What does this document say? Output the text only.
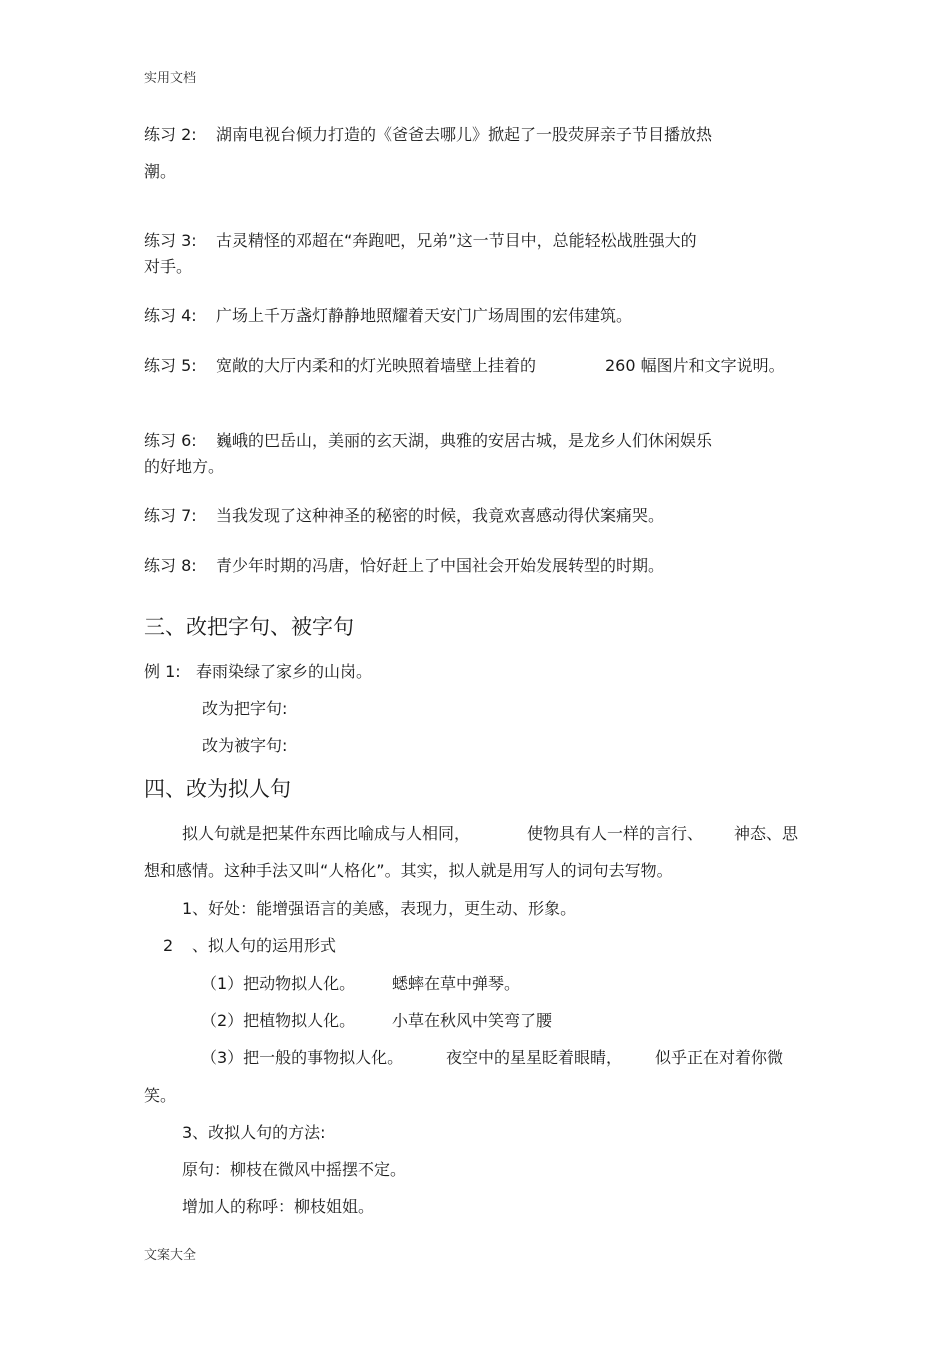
实用文档
文案大全
练习 2: 湖南电视台倾力打造的《爸爸去哪儿》掀起了一股荧屏亲子节目播放热
潮。
练习 3: 古灵精怪的邓超在“奔跑吧，兄弟”这一节目中，总能轻松战胜强大的
对手。
练习 4: 广场上千万盏灯静静地照耀着天安门广场周围的宏伟建筑。
练习 5: 宽敞的大厅内柔和的灯光映照着墙壁上挂着的	260 幅图片和文字说明。
练习 6: 巍峨的巴岳山，美丽的玄天湖，典雅的安居古城，是龙乡人们休闲娱乐
的好地方。
练习 7: 当我发现了这种神圣的秘密的时候，我竟欢喜感动得伏案痛哭。
练习 8: 青少年时期的冯唐，恰好赶上了中国社会开始发展转型的时期。
三、改把字句、被字句
例 1: 春雨染绿了家乡的山岗。
改为把字句:
改为被字句:
四、改为拟人句
拟人句就是把某件东西比喻成与人相同，	使物具有人一样的言行、 神态、思
想和感情。这种手法又叫“人格化”。其实，拟人就是用写人的词句去写物。
1、好处：能增强语言的美感，表现力，更生动、形象。
2 、拟人句的运用形式
（1）把动物拟人化。 蟋蟀在草中弹琴。
（2）把植物拟人化。 小草在秋风中笑弯了腰
（3）把一般的事物拟人化。	夜空中的星星眨着眼睛， 似乎正在对着你微
笑。
3、改拟人句的方法:
原句：柳枝在微风中摇摆不定。
增加人的称呼：柳枝姐姐。
